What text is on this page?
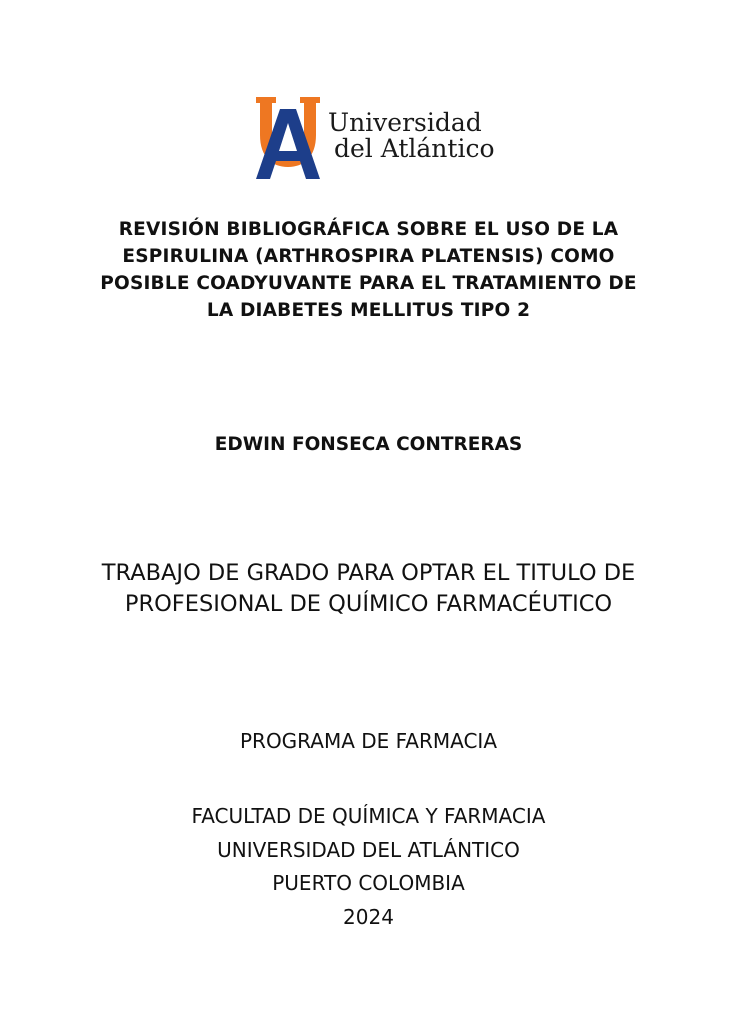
Universidad
del Atlántico
REVISIÓN BIBLIOGRÁFICA SOBRE EL USO DE LA
ESPIRULINA (ARTHROSPIRA PLATENSIS) COMO
POSIBLE COADYUVANTE PARA EL TRATAMIENTO DE
LA DIABETES MELLITUS TIPO 2
EDWIN FONSECA CONTRERAS
TRABAJO DE GRADO PARA OPTAR EL TITULO DE
PROFESIONAL DE QUÍMICO FARMACÉUTICO
PROGRAMA DE FARMACIA
FACULTAD DE QUÍMICA Y FARMACIA
UNIVERSIDAD DEL ATLÁNTICO
PUERTO COLOMBIA
2024
